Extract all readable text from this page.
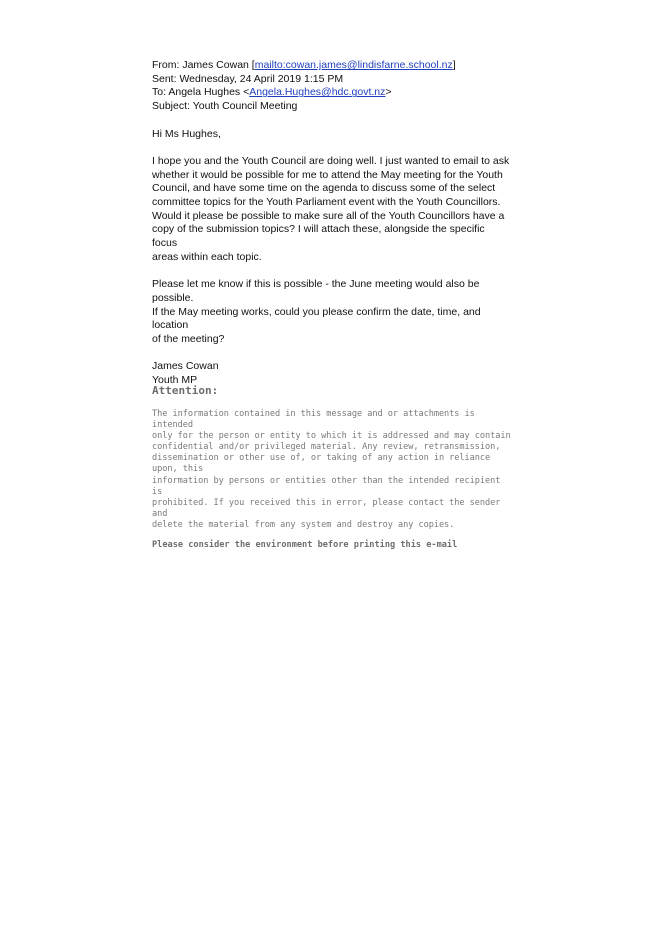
From: James Cowan [mailto:cowan.james@lindisfarne.school.nz]
Sent: Wednesday, 24 April 2019 1:15 PM
To: Angela Hughes <Angela.Hughes@hdc.govt.nz>
Subject: Youth Council Meeting
Hi Ms Hughes,
I hope you and the Youth Council are doing well. I just wanted to email to ask
whether it would be possible for me to attend the May meeting for the Youth
Council, and have some time on the agenda to discuss some of the select
committee topics for the Youth Parliament event with the Youth Councillors.
Would it please be possible to make sure all of the Youth Councillors have a
copy of the submission topics? I will attach these, alongside the specific focus
areas within each topic.
Please let me know if this is possible - the June meeting would also be possible.
If the May meeting works, could you please confirm the date, time, and location
of the meeting?
James Cowan
Youth MP
Attention:
The information contained in this message and or attachments is intended
only for the person or entity to which it is addressed and may contain
confidential and/or privileged material. Any review, retransmission,
dissemination or other use of, or taking of any action in reliance upon, this
information by persons or entities other than the intended recipient is
prohibited. If you received this in error, please contact the sender and
delete the material from any system and destroy any copies.
Please consider the environment before printing this e-mail
